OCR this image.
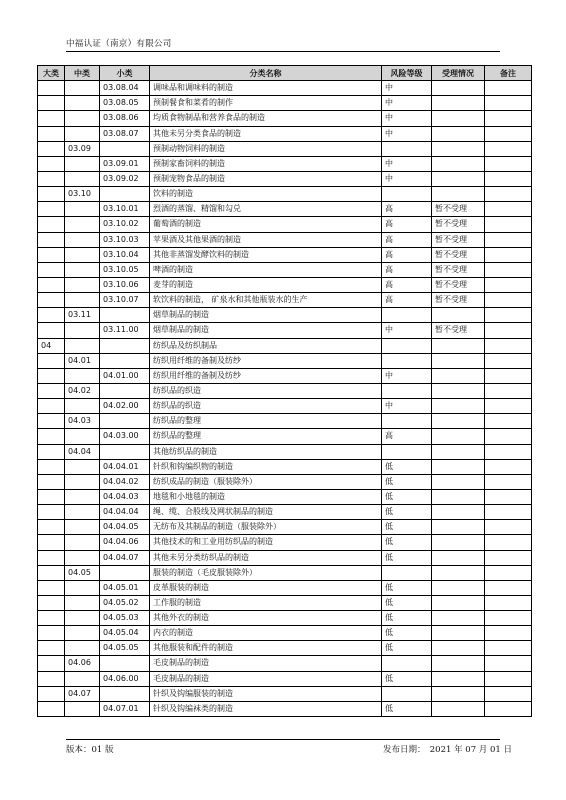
中福认证（南京）有限公司
大类	中类	小类	分类名称	风险等级	受理情况	备注
		03.08.04	调味品和调味料的制造	中		
		03.08.05	预制餐食和菜肴的制作	中		
		03.08.06	均质食物制品和营养食品的制造	中		
		03.08.07	其他未另分类食品的制造	中		
	03.09		预制动物饲料的制造			
		03.09.01	预制家畜饲料的制造	中		
		03.09.02	预制宠物食品的制造	中		
	03.10		饮料的制造			
		03.10.01	烈酒的蒸馏、精馏和勾兑	高	暂不受理	
		03.10.02	葡萄酒的制造	高	暂不受理	
		03.10.03	苹果酒及其他果酒的制造	高	暂不受理	
		03.10.04	其他非蒸馏发酵饮料的制造	高	暂不受理	
		03.10.05	啤酒的制造	高	暂不受理	
		03.10.06	麦芽的制造	高	暂不受理	
		03.10.07	软饮料的制造， 矿泉水和其他瓶装水的生产	高	暂不受理	
	03.11		烟草制品的制造			
		03.11.00	烟草制品的制造	中	暂不受理	
04			纺织品及纺织制品			
	04.01		纺织用纤维的备制及纺纱			
		04.01.00	纺织用纤维的备制及纺纱	中		
	04.02		纺织品的织造			
		04.02.00	纺织品的织造	中		
	04.03		纺织品的整理			
		04.03.00	纺织品的整理	高		
	04.04		其他纺织品的制造			
		04.04.01	针织和钩编织物的制造	低		
		04.04.02	纺织成品的制造（服装除外）	低		
		04.04.03	地毯和小地毯的制造	低		
		04.04.04	绳、缆、合股线及网状制品的制造	低		
		04.04.05	无纺布及其制品的制造（服装除外）	低		
		04.04.06	其他技术的和工业用纺织品的制造	低		
		04.04.07	其他未另分类纺织品的制造	低		
	04.05		服装的制造（毛皮服装除外）			
		04.05.01	皮革服装的制造	低		
		04.05.02	工作服的制造	低		
		04.05.03	其他外衣的制造	低		
		04.05.04	内衣的制造	低		
		04.05.05	其他服装和配件的制造	低		
	04.06		毛皮制品的制造			
		04.06.00	毛皮制品的制造	低		
	04.07		针织及钩编服装的制造			
		04.07.01	针织及钩编袜类的制造	低		
版本：01 版	发布日期：　2021 年 07 月 01 日
